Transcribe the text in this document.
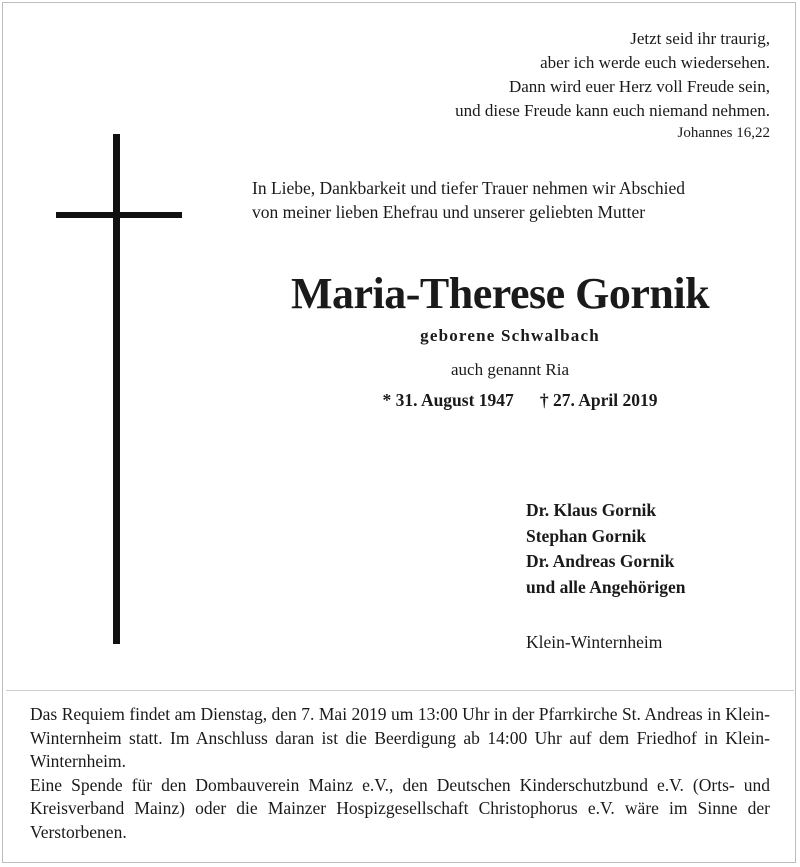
Jetzt seid ihr traurig,
aber ich werde euch wiedersehen.
Dann wird euer Herz voll Freude sein,
und diese Freude kann euch niemand nehmen.
Johannes 16,22
In Liebe, Dankbarkeit und tiefer Trauer nehmen wir Abschied
von meiner lieben Ehefrau und unserer geliebten Mutter
Maria-Therese Gornik
geborene Schwalbach
auch genannt Ria
* 31. August 1947 † 27. April 2019
Dr. Klaus Gornik
Stephan Gornik
Dr. Andreas Gornik
und alle Angehörigen
Klein-Winternheim

Das Requiem findet am Dienstag, den 7. Mai 2019 um 13:00 Uhr in der Pfarrkirche St. Andreas in Klein-Winternheim statt. Im Anschluss daran ist die Beerdigung ab 14:00 Uhr auf dem Friedhof in Klein-Winternheim.

Eine Spende für den Dombauverein Mainz e.V., den Deutschen Kinderschutzbund e.V. (Orts- und Kreisverband Mainz) oder die Mainzer Hospizgesellschaft Christophorus e.V. wäre im Sinne der Verstorbenen.
